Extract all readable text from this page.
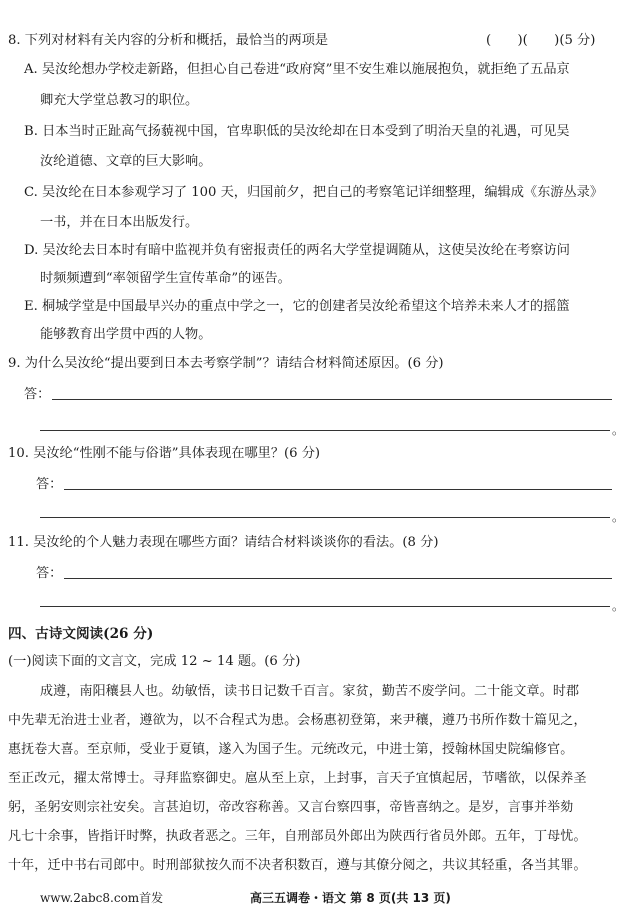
8. 下列对材料有关内容的分析和概括，最恰当的两项是	(　　)(　　)(5 分)
A. 吴汝纶想办学校走新路，但担心自己卷进“政府窝”里不安生难以施展抱负，就拒绝了五品京
卿充大学堂总教习的职位。
B. 日本当时正趾高气扬藐视中国，官卑职低的吴汝纶却在日本受到了明治天皇的礼遇，可见吴
汝纶道德、文章的巨大影响。
C. 吴汝纶在日本参观学习了 100 天，归国前夕，把自己的考察笔记详细整理，编辑成《东游丛录》
一书，并在日本出版发行。
D. 吴汝纶去日本时有暗中监视并负有密报责任的两名大学堂提调随从，这使吴汝纶在考察访问
时频频遭到“率领留学生宣传革命”的诬告。
E. 桐城学堂是中国最早兴办的重点中学之一，它的创建者吴汝纶希望这个培养未来人才的摇篮
能够教育出学贯中西的人物。
9. 为什么吴汝纶“提出要到日本去考察学制”？请结合材料简述原因。(6 分)
答：
。
10. 吴汝纶“性刚不能与俗谐”具体表现在哪里？(6 分)
答：
。
11. 吴汝纶的个人魅力表现在哪些方面？请结合材料谈谈你的看法。(8 分)
答：
。
四、古诗文阅读(26 分)
(一)阅读下面的文言文，完成 12 ~ 14 题。(6 分)
成遵，南阳穰县人也。幼敏悟，读书日记数千百言。家贫，勤苦不废学问。二十能文章。时郡
中先辈无治进士业者，遵欲为，以不合程式为患。会杨惠初登第，来尹穰，遵乃书所作数十篇见之，
惠抚卷大喜。至京师，受业于夏镇，遂入为国子生。元统改元，中进士第，授翰林国史院编修官。
至正改元，擢太常博士。寻拜监察御史。扈从至上京，上封事，言天子宜慎起居，节嗜欲，以保养圣
躬，圣躬安则宗社安矣。言甚迫切，帝改容称善。又言台察四事，帝皆喜纳之。是岁，言事并举劾
凡七十余事，皆指讦时弊，执政者恶之。三年，自刑部员外郎出为陕西行省员外郎。五年，丁母忧。
十年，迁中书右司郎中。时刑部狱按久而不决者积数百，遵与其僚分阅之，共议其轻重，各当其罪。
www.2abc8.com首发	高三五调卷・语文 第 8 页(共 13 页)
